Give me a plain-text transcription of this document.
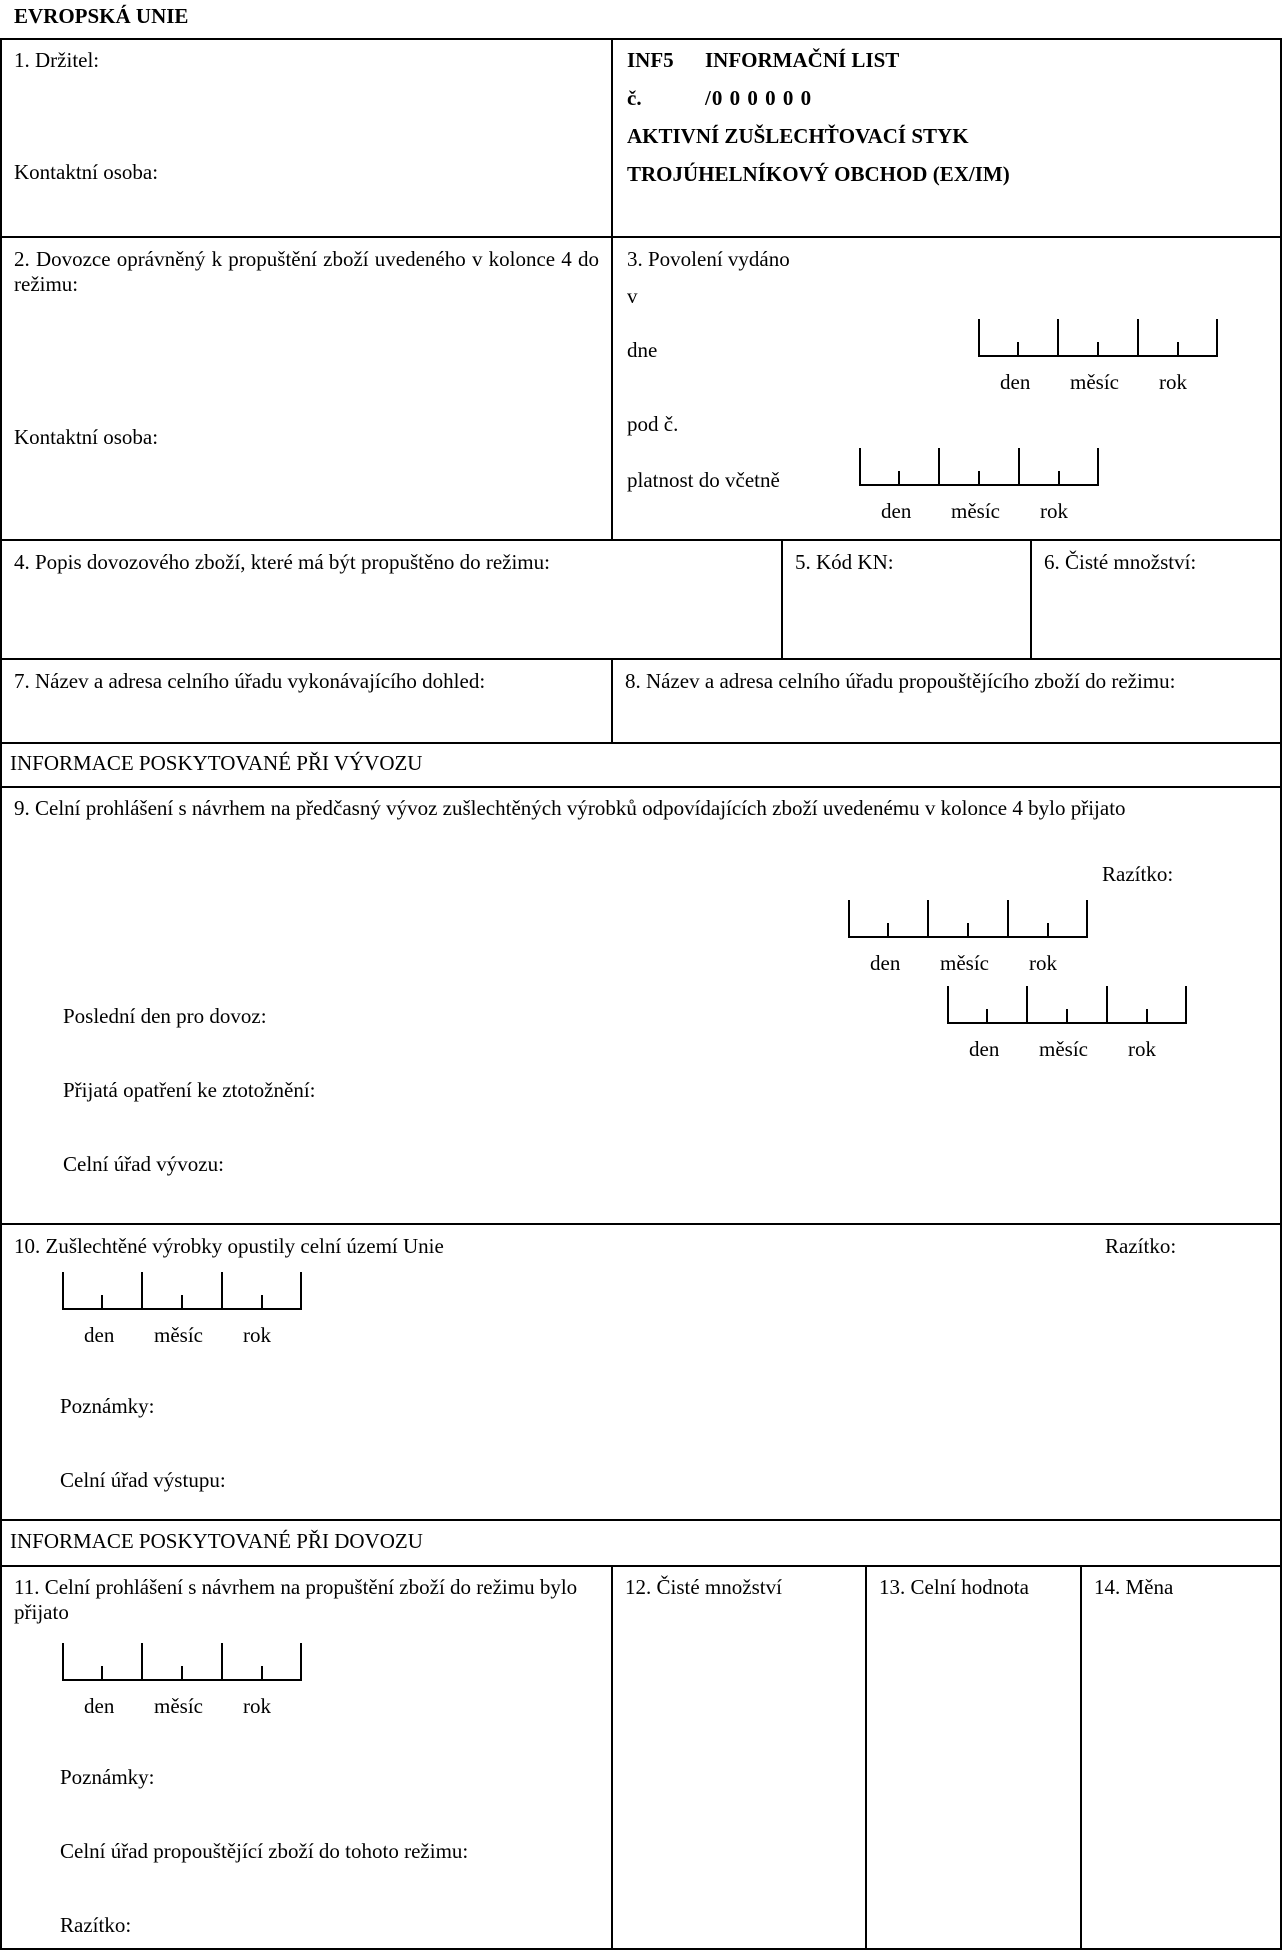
EVROPSKÁ UNIE
1. Držitel:
Kontaktní osoba:
INF5 INFORMAČNÍ LIST
č.	/0 0 0 0 0 0
AKTIVNÍ ZUŠLECHŤOVACÍ STYK
TROJÚHELNÍKOVÝ OBCHOD (EX/IM)
2. Dovozce oprávněný k propuštění zboží uvedeného v kolonce 4 do režimu:
Kontaktní osoba:
3. Povolení vydáno
v
dne
den měsíc rok
pod č.
platnost do včetně
den měsíc rok
4. Popis dovozového zboží, které má být propuštěno do režimu:	5. Kód KN:	6. Čisté množství:
7. Název a adresa celního úřadu vykonávajícího dohled:	8. Název a adresa celního úřadu propouštějícího zboží do režimu:
INFORMACE POSKYTOVANÉ PŘI VÝVOZU
9. Celní prohlášení s návrhem na předčasný vývoz zušlechtěných výrobků odpovídajících zboží uvedenému v kolonce 4 bylo přijato
Razítko:
den měsíc rok
Poslední den pro dovoz:
den měsíc rok
Přijatá opatření ke ztotožnění:
Celní úřad vývozu:
10. Zušlechtěné výrobky opustily celní území Unie	Razítko:
den měsíc rok
Poznámky:
Celní úřad výstupu:
INFORMACE POSKYTOVANÉ PŘI DOVOZU
11. Celní prohlášení s návrhem na propuštění zboží do režimu bylo přijato
den měsíc rok
Poznámky:
Celní úřad propouštějící zboží do tohoto režimu:
Razítko:
12. Čisté množství	13. Celní hodnota	14. Měna
